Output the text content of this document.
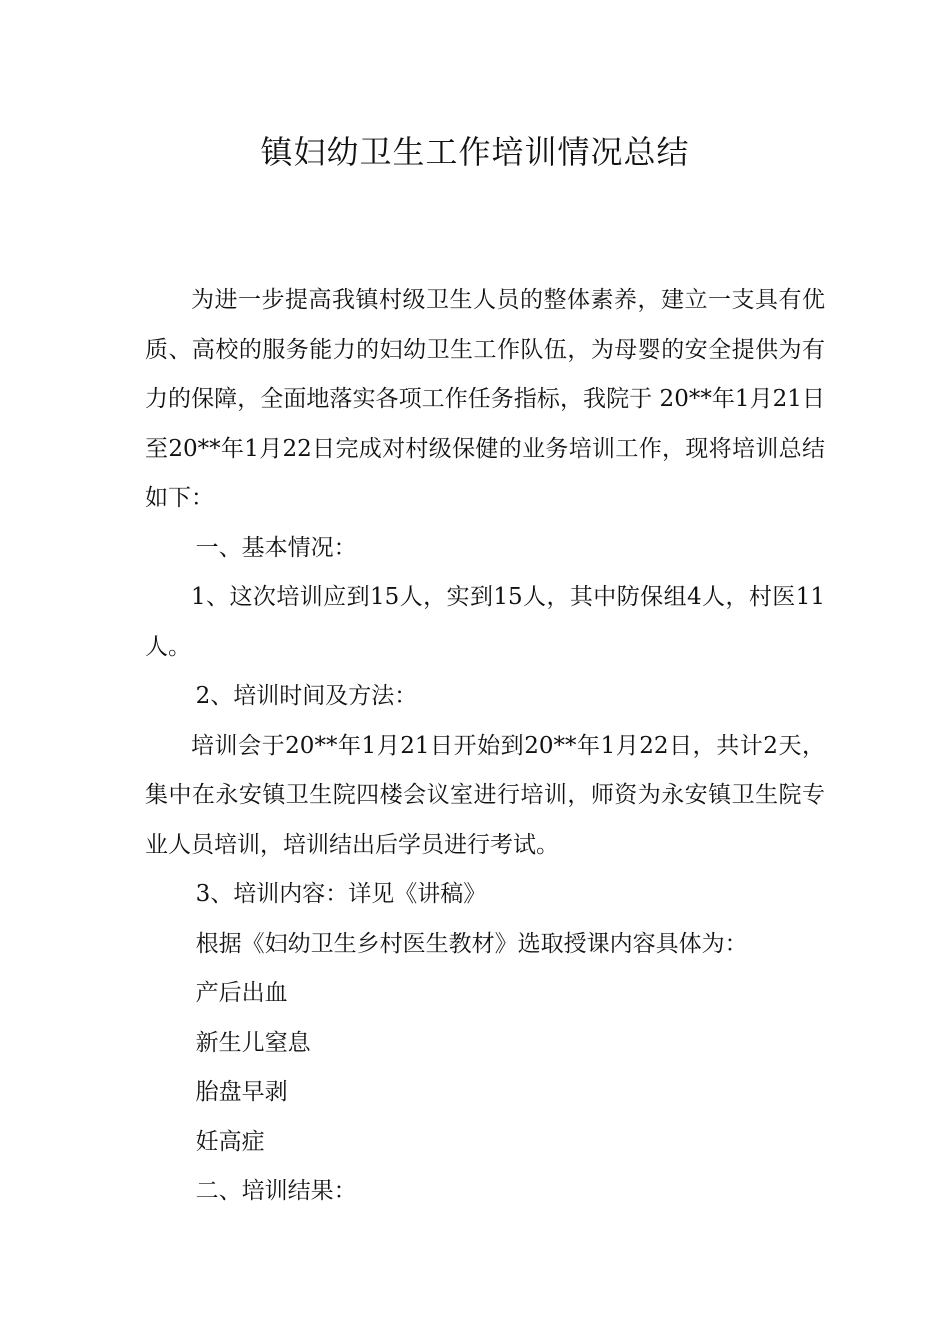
镇妇幼卫生工作培训情况总结

为进一步提高我镇村级卫生人员的整体素养，建立一支具有优质、高校的服务能力的妇幼卫生工作队伍，为母婴的安全提供为有力的保障，全面地落实各项工作任务指标，我院于 20**年1月21日至20**年1月22日完成对村级保健的业务培训工作，现将培训总结如下：

一、基本情况：

1、这次培训应到15人，实到15人，其中防保组4人，村医11人。

2、培训时间及方法：

培训会于20**年1月21日开始到20**年1月22日，共计2天，集中在永安镇卫生院四楼会议室进行培训，师资为永安镇卫生院专业人员培训，培训结出后学员进行考试。

3、培训内容：详见《讲稿》

根据《妇幼卫生乡村医生教材》选取授课内容具体为：

产后出血

新生儿窒息

胎盘早剥

妊高症

二、培训结果：
